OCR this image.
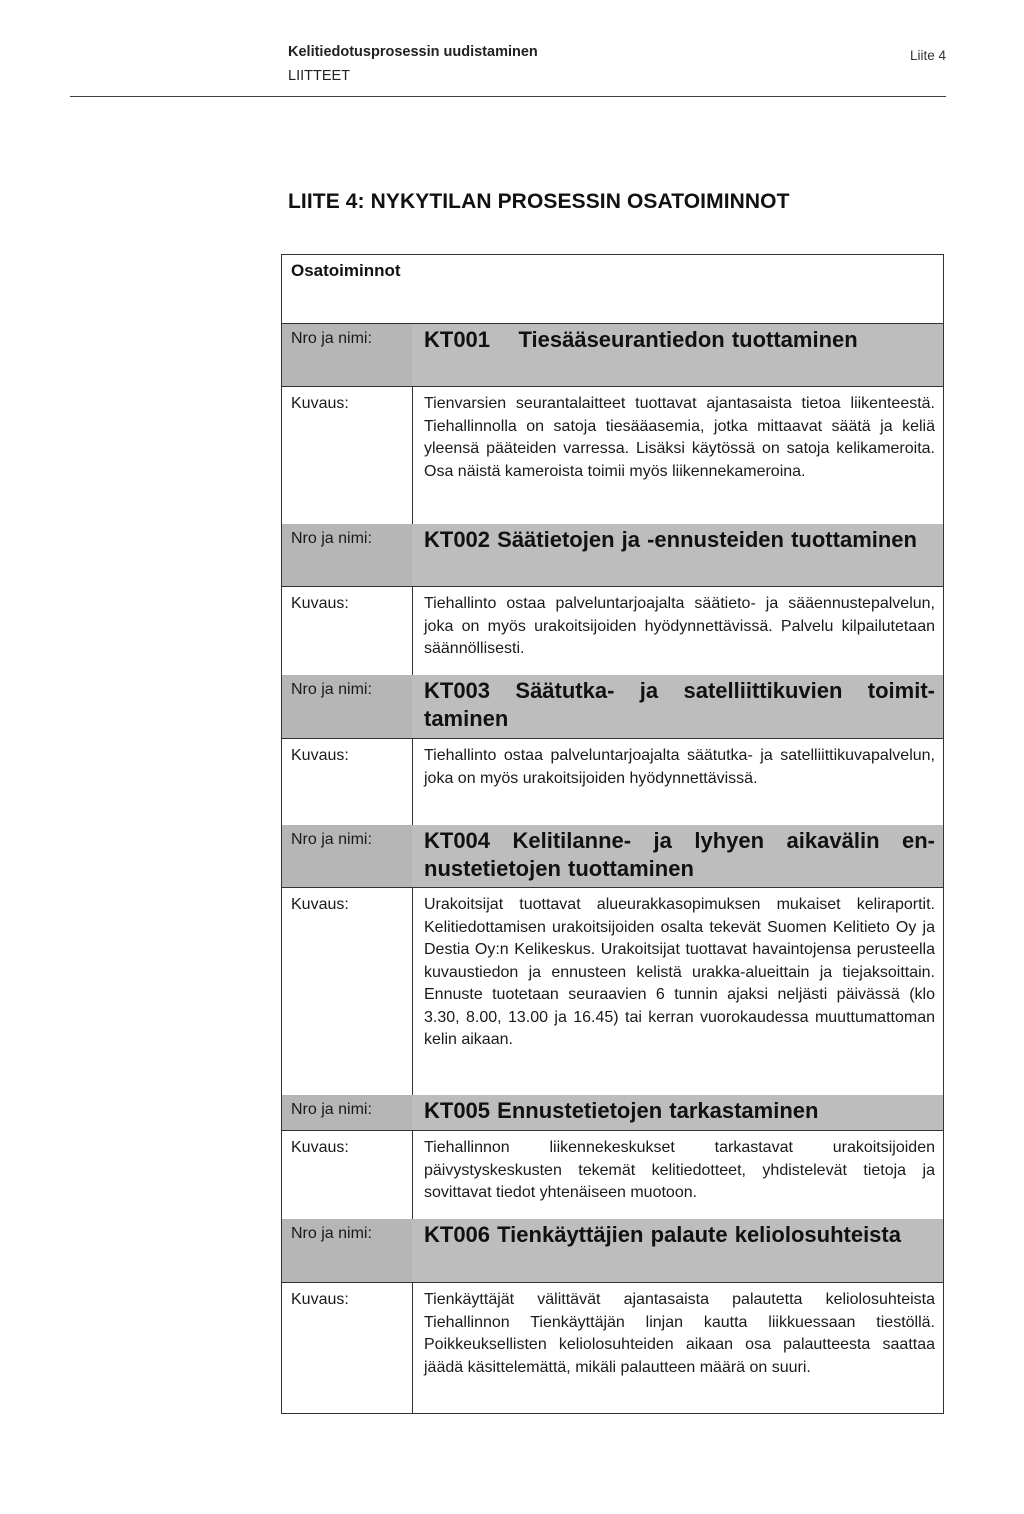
Kelitiedotusprosessin uudistaminen
LIITTEET
Liite 4
LIITE 4: NYKYTILAN PROSESSIN OSATOIMINNOT
Osatoiminnot
Nro ja nimi:	KT001    Tiesääseurantiedon tuottaminen
Kuvaus:	Tienvarsien seurantalaitteet tuottavat ajantasaista tietoa liikenteestä. Tiehallinnolla on satoja tiesääasemia, jotka mittaavat säätä ja keliä yleensä pääteiden varressa. Lisäksi käytössä on satoja kelikameroita. Osa näistä kameroista toimii myös liikennekameroina.
Nro ja nimi:	KT002 Säätietojen ja -ennusteiden tuottaminen
Kuvaus:	Tiehallinto ostaa palveluntarjoajalta säätieto- ja sääennustepalvelun, joka on myös urakoitsijoiden hyödynnettävissä. Palvelu kilpailutetaan säännöllisesti.
Nro ja nimi:	KT003 Säätutka- ja satelliittikuvien toimittaminen
Kuvaus:	Tiehallinto ostaa palveluntarjoajalta säätutka- ja satelliittikuvapalvelun, joka on myös urakoitsijoiden hyödynnettävissä.
Nro ja nimi:	KT004 Kelitilanne- ja lyhyen aikavälin ennustetietojen tuottaminen
Kuvaus:	Urakoitsijat tuottavat alueurakkasopimuksen mukaiset keliraportit. Kelitiedottamisen urakoitsijoiden osalta tekevät Suomen Kelitieto Oy ja Destia Oy:n Kelikeskus. Urakoitsijat tuottavat havaintojensa perusteella kuvaustiedon ja ennusteen kelistä urakka-alueittain ja tiejaksoittain. Ennuste tuotetaan seuraavien 6 tunnin ajaksi neljästi päivässä (klo 3.30, 8.00, 13.00 ja 16.45) tai kerran vuorokaudessa muuttumattoman kelin aikaan.
Nro ja nimi:	KT005 Ennustetietojen tarkastaminen
Kuvaus:	Tiehallinnon liikennekeskukset tarkastavat urakoitsijoiden päivystyskeskusten tekemät kelitiedotteet, yhdistelevät tietoja ja sovittavat tiedot yhtenäiseen muotoon.
Nro ja nimi:	KT006 Tienkäyttäjien palaute keliolosuhteista
Kuvaus:	Tienkäyttäjät välittävät ajantasaista palautetta keliolosuhteista Tiehallinnon Tienkäyttäjän linjan kautta liikkuessaan tiestöllä. Poikkeuksellisten keliolosuhteiden aikaan osa palautteesta saattaa jäädä käsittelemättä, mikäli palautteen määrä on suuri.
